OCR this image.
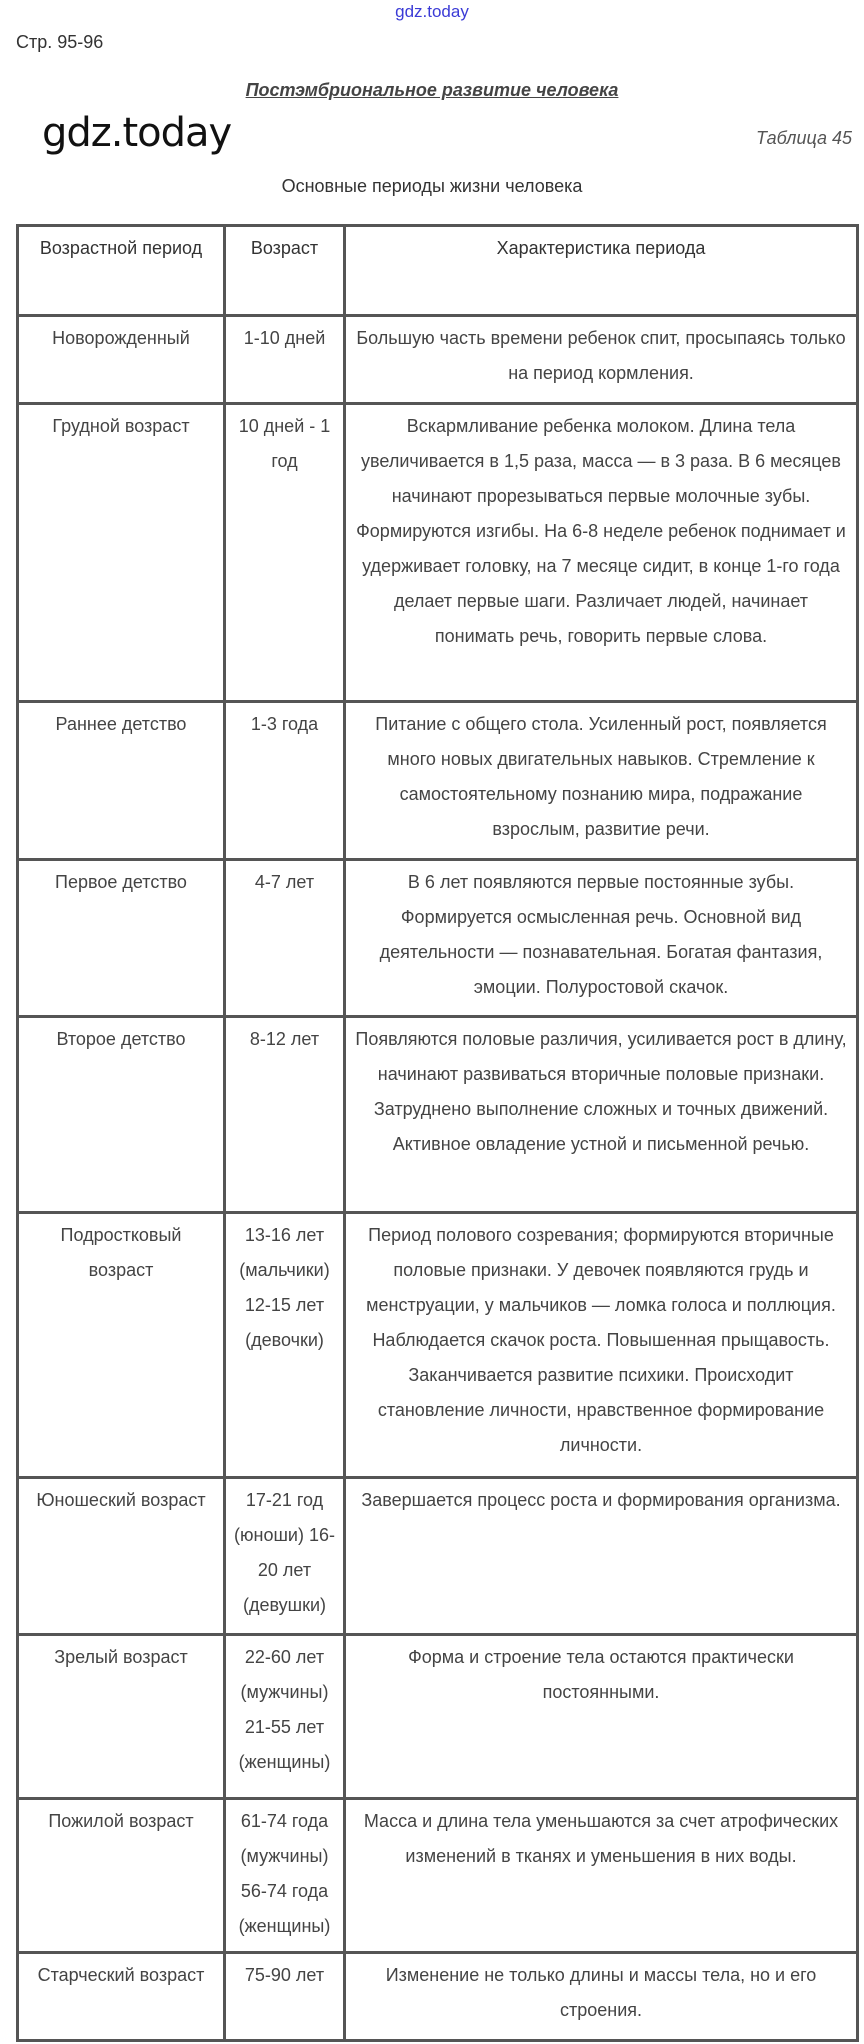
gdz.today
Стр. 95-96
Постэмбриональное развитие человека
Таблица 45
Основные периоды жизни человека
gdz.today
Возрастной период	Возраст	Характеристика периода
Новорожденный	1-10 дней	Большую часть времени ребенок спит, просыпаясь только на период кормления.
Грудной возраст	10 дней - 1 год	Вскармливание ребенка молоком. Длина тела увеличивается в 1,5 раза, масса — в 3 раза. В 6 месяцев начинают прорезываться первые молочные зубы. Формируются изгибы. На 6-8 неделе ребенок поднимает и удерживает головку, на 7 месяце сидит, в конце 1-го года делает первые шаги. Различает людей, начинает понимать речь, говорить первые слова.
Раннее детство	1-3 года	Питание с общего стола. Усиленный рост, появляется много новых двигательных навыков. Стремление к самостоятельному познанию мира, подражание взрослым, развитие речи.
Первое детство	4-7 лет	В 6 лет появляются первые постоянные зубы. Формируется осмысленная речь. Основной вид деятельности — познавательная. Богатая фантазия, эмоции. Полуростовой скачок.
Второе детство	8-12 лет	Появляются половые различия, усиливается рост в длину, начинают развиваться вторичные половые признаки. Затруднено выполнение сложных и точных движений. Активное овладение устной и письменной речью.
Подростковый возраст	13-16 лет (мальчики) 12-15 лет (девочки)	Период полового созревания; формируются вторичные половые признаки. У девочек появляются грудь и менструации, у мальчиков — ломка голоса и поллюция. Наблюдается скачок роста. Повышенная прыщавость. Заканчивается развитие психики. Происходит становление личности, нравственное формирование личности.
Юношеский возраст	17-21 год (юноши) 16-20 лет (девушки)	Завершается процесс роста и формирования организма.
Зрелый возраст	22-60 лет (мужчины) 21-55 лет (женщины)	Форма и строение тела остаются практически постоянными.
Пожилой возраст	61-74 года (мужчины) 56-74 года (женщины)	Масса и длина тела уменьшаются за счет атрофических изменений в тканях и уменьшения в них воды.
Старческий возраст	75-90 лет	Изменение не только длины и массы тела, но и его строения.
